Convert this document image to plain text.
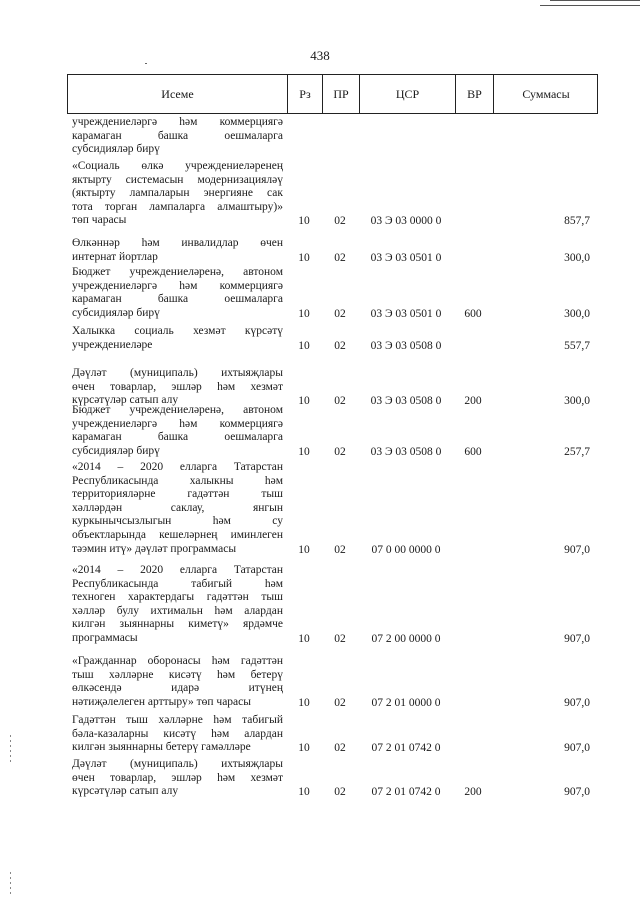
438
Исеме	Рз	ПР	ЦСР	ВР	Суммасы
учреждениеләргә һәм коммерциягә
карамаган башка оешмаларга
субсидияләр бирү
«Социаль өлкә учреждениеләренең
яктырту системасын модернизацияләү
(яктырту лампаларын энергияне сак
тота торган лампаларга алмаштыру)»
төп чарасы	10	02	03 Э 03 0000 0	857,7
Өлкәннәр һәм инвалидлар өчен
интернат йортлар	10	02	03 Э 03 0501 0	300,0
Бюджет учреждениеләренә, автоном
учреждениеләргә һәм коммерциягә
карамаган башка оешмаларга
субсидияләр бирү	10	02	03 Э 03 0501 0	600	300,0
Халыкка социаль хезмәт күрсәтү
учреждениеләре	10	02	03 Э 03 0508 0	557,7
Дәүләт (муниципаль) ихтыяҗлары
өчен товарлар, эшләр һәм хезмәт
күрсәтүләр сатып алу	10	02	03 Э 03 0508 0	200	300,0
Бюджет учреждениеләренә, автоном
учреждениеләргә һәм коммерциягә
карамаган башка оешмаларга
субсидияләр бирү	10	02	03 Э 03 0508 0	600	257,7
«2014 – 2020 елларга Татарстан
Республикасында халыкны һәм
территорияләрне гадәттән тыш
хәлләрдән саклау, янгын
куркынычсызлыгын һәм су
объектларында кешеләрнең иминлеген
тәэмин итү» дәүләт программасы	10	02	07 0 00 0000 0	907,0
«2014 – 2020 елларга Татарстан
Республикасында табигый һәм
техноген характердагы гадәттән тыш
хәлләр булу ихтимальн һәм алардан
килгән зыяннарны киметү» ярдәмче
программасы	10	02	07 2 00 0000 0	907,0
«Гражданнар оборонасы һәм гадәттән
тыш хәлләрне кисәтү һәм бетерү
өлкәсендә идарә итүнең
нәтиҗәлелеген арттыру» төп чарасы	10	02	07 2 01 0000 0	907,0
Гадәттән тыш хәлләрне һәм табигый
бәла-казаларны кисәтү һәм алардан
килгән зыяннарны бетерү гамәлләре	10	02	07 2 01 0742 0	907,0
Дәүләт (муниципаль) ихтыяҗлары
өчен товарлар, эшләр һәм хезмәт
күрсәтүләр сатып алу	10	02	07 2 01 0742 0	200	907,0
